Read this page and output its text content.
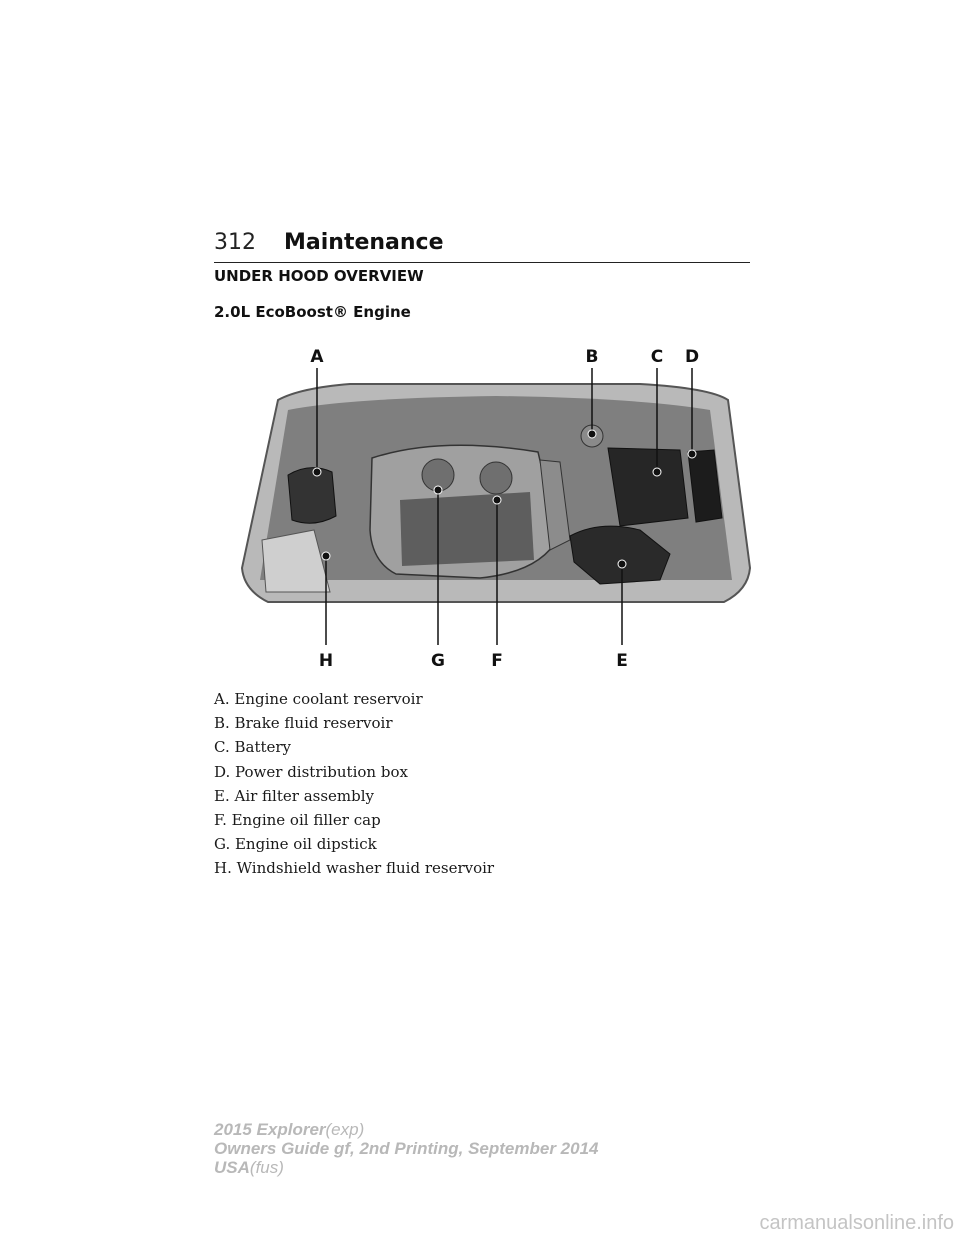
312 Maintenance
UNDER HOOD OVERVIEW
2.0L EcoBoost® Engine
A	B	C D
H	G	F	E
A. Engine coolant reservoir
B. Brake fluid reservoir
C. Battery
D. Power distribution box
E. Air filter assembly
F. Engine oil filler cap
G. Engine oil dipstick
H. Windshield washer fluid reservoir
2015 Explorer(exp)
Owners Guide gf, 2nd Printing, September 2014
USA(fus)
carmanualsonline.info
